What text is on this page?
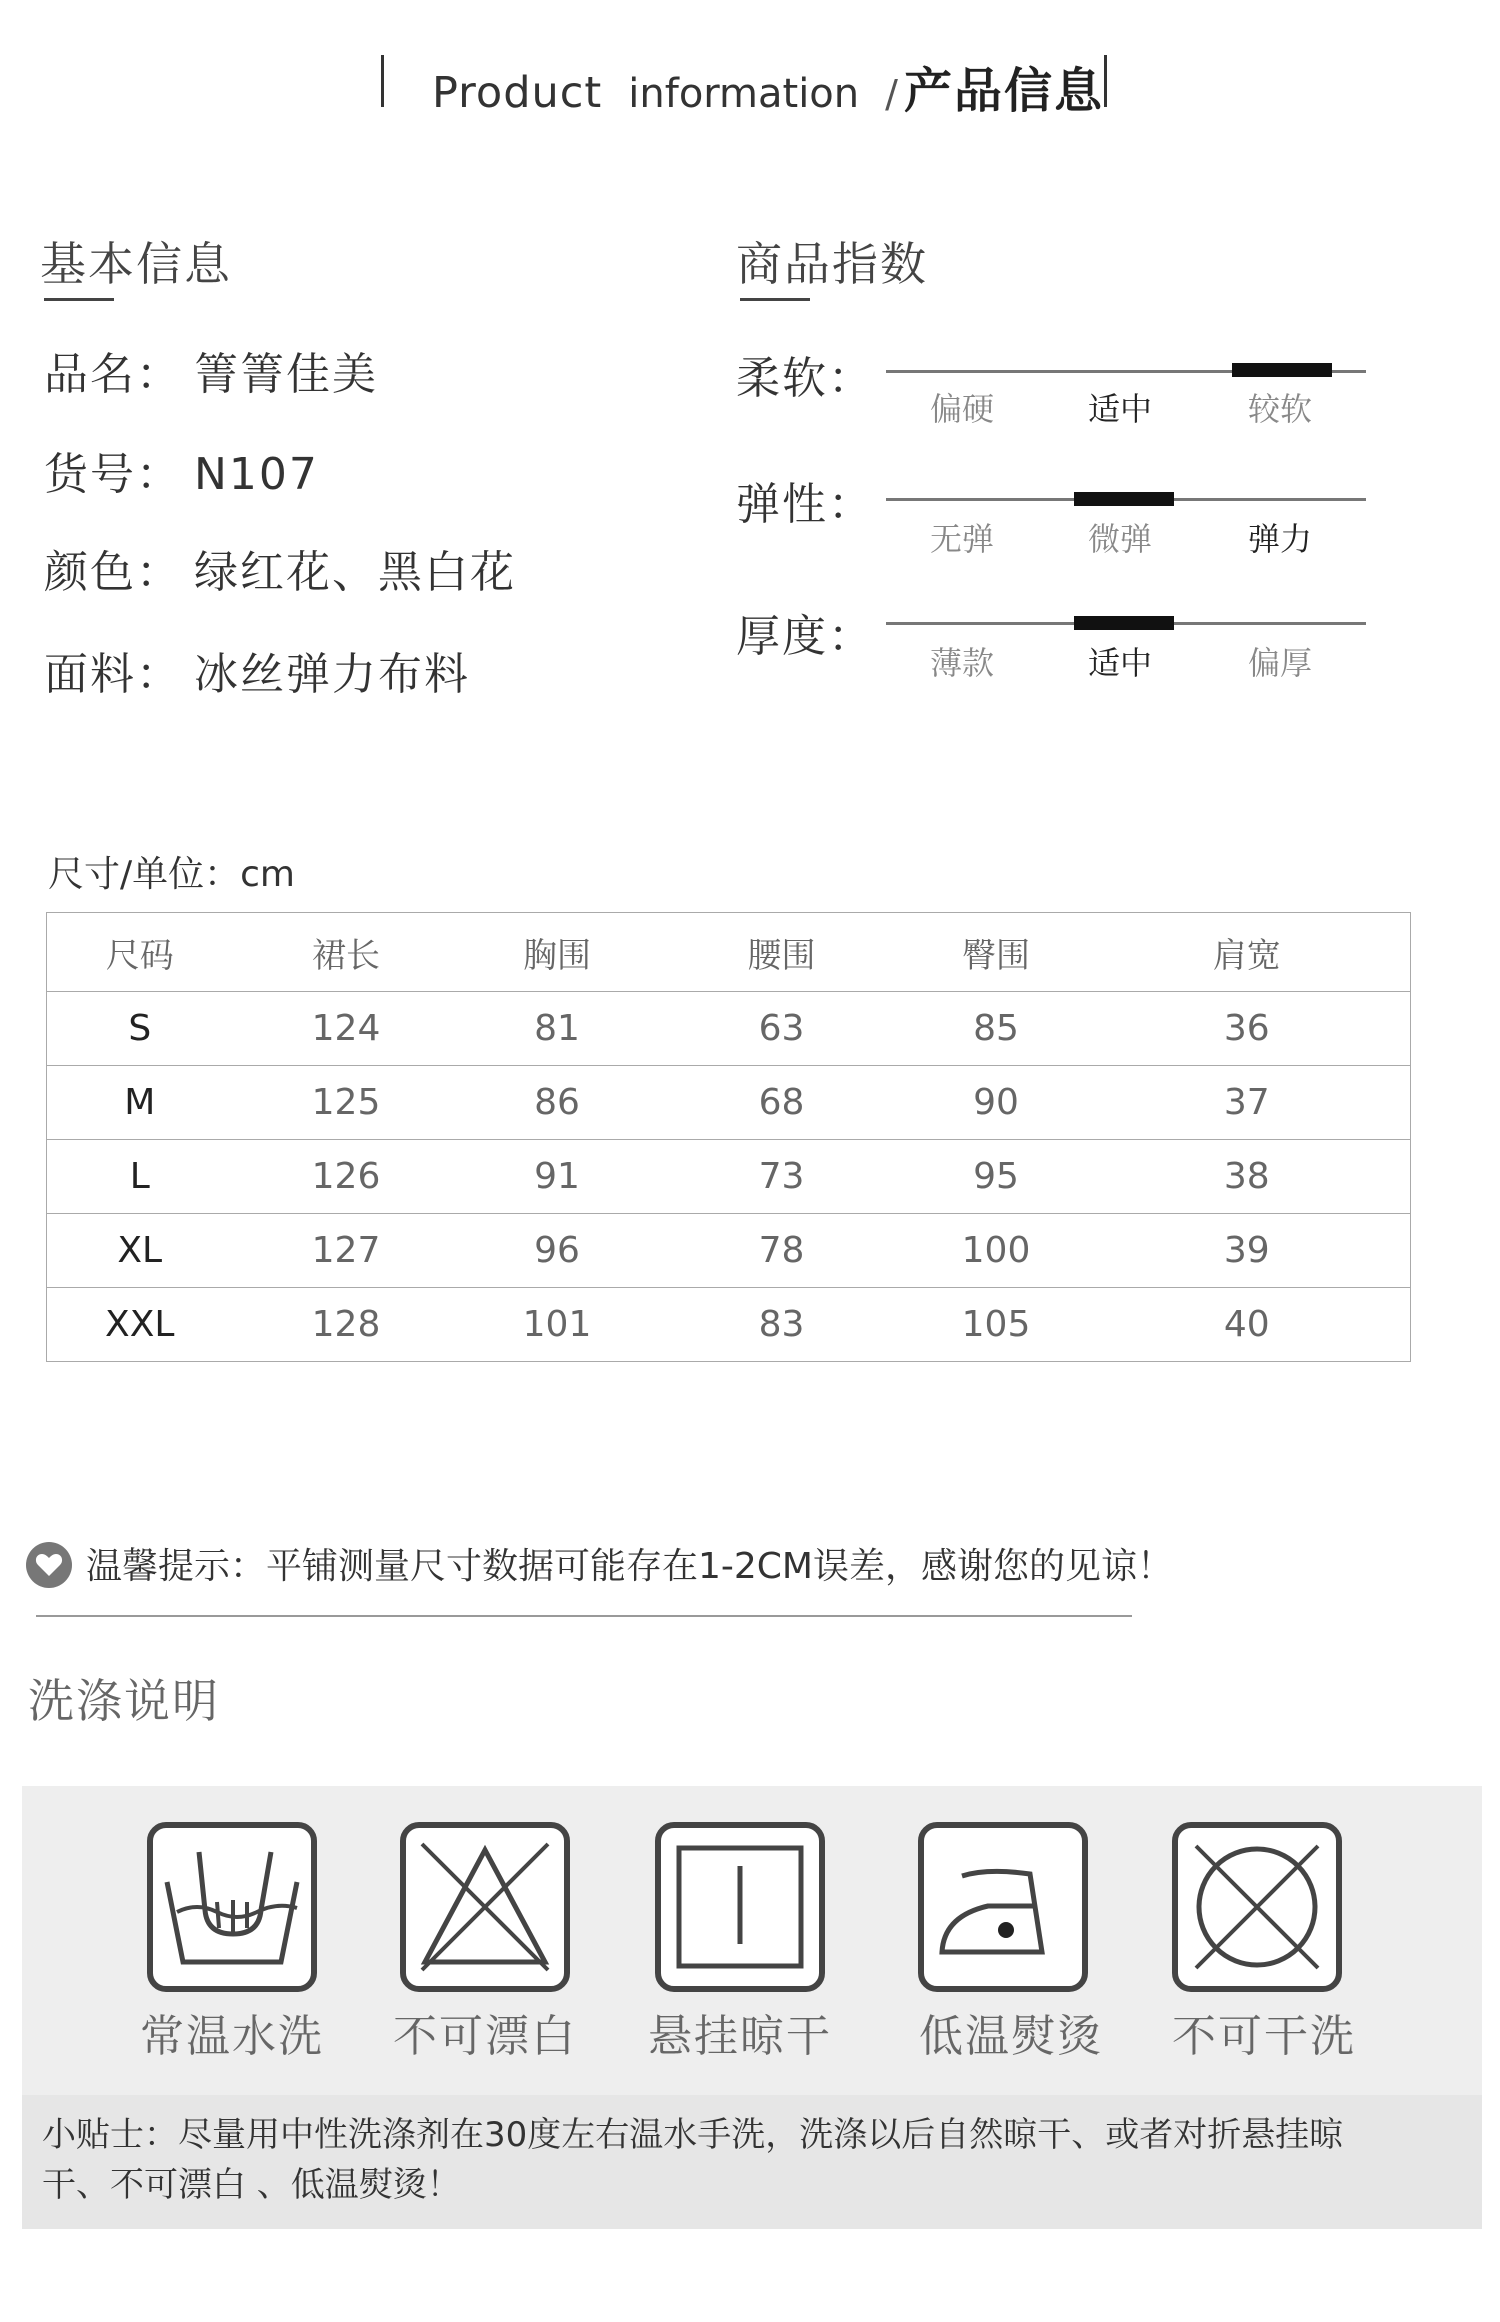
Product information / 产品信息
基本信息
品名： 箐箐佳美
货号： N107
颜色： 绿红花、黑白花
面料： 冰丝弹力布料
商品指数
柔软：
偏硬	适中	较软
弹性：
无弹	微弹	弹力
厚度：
薄款	适中	偏厚
尺寸/单位：cm
尺码	裙长	胸围	腰围	臀围	肩宽
S	124	81	63	85	36
M	125	86	68	90	37
L	126	91	73	95	38
XL	127	96	78	100	39
XXL	128	101	83	105	40
温馨提示：平铺测量尺寸数据可能存在1-2CM误差，感谢您的见谅！
洗涤说明
常温水洗	不可漂白	悬挂晾干	低温熨烫	不可干洗
小贴士：尽量用中性洗涤剂在30度左右温水手洗，洗涤以后自然晾干、或者对折悬挂晾干、不可漂白 、低温熨烫！
